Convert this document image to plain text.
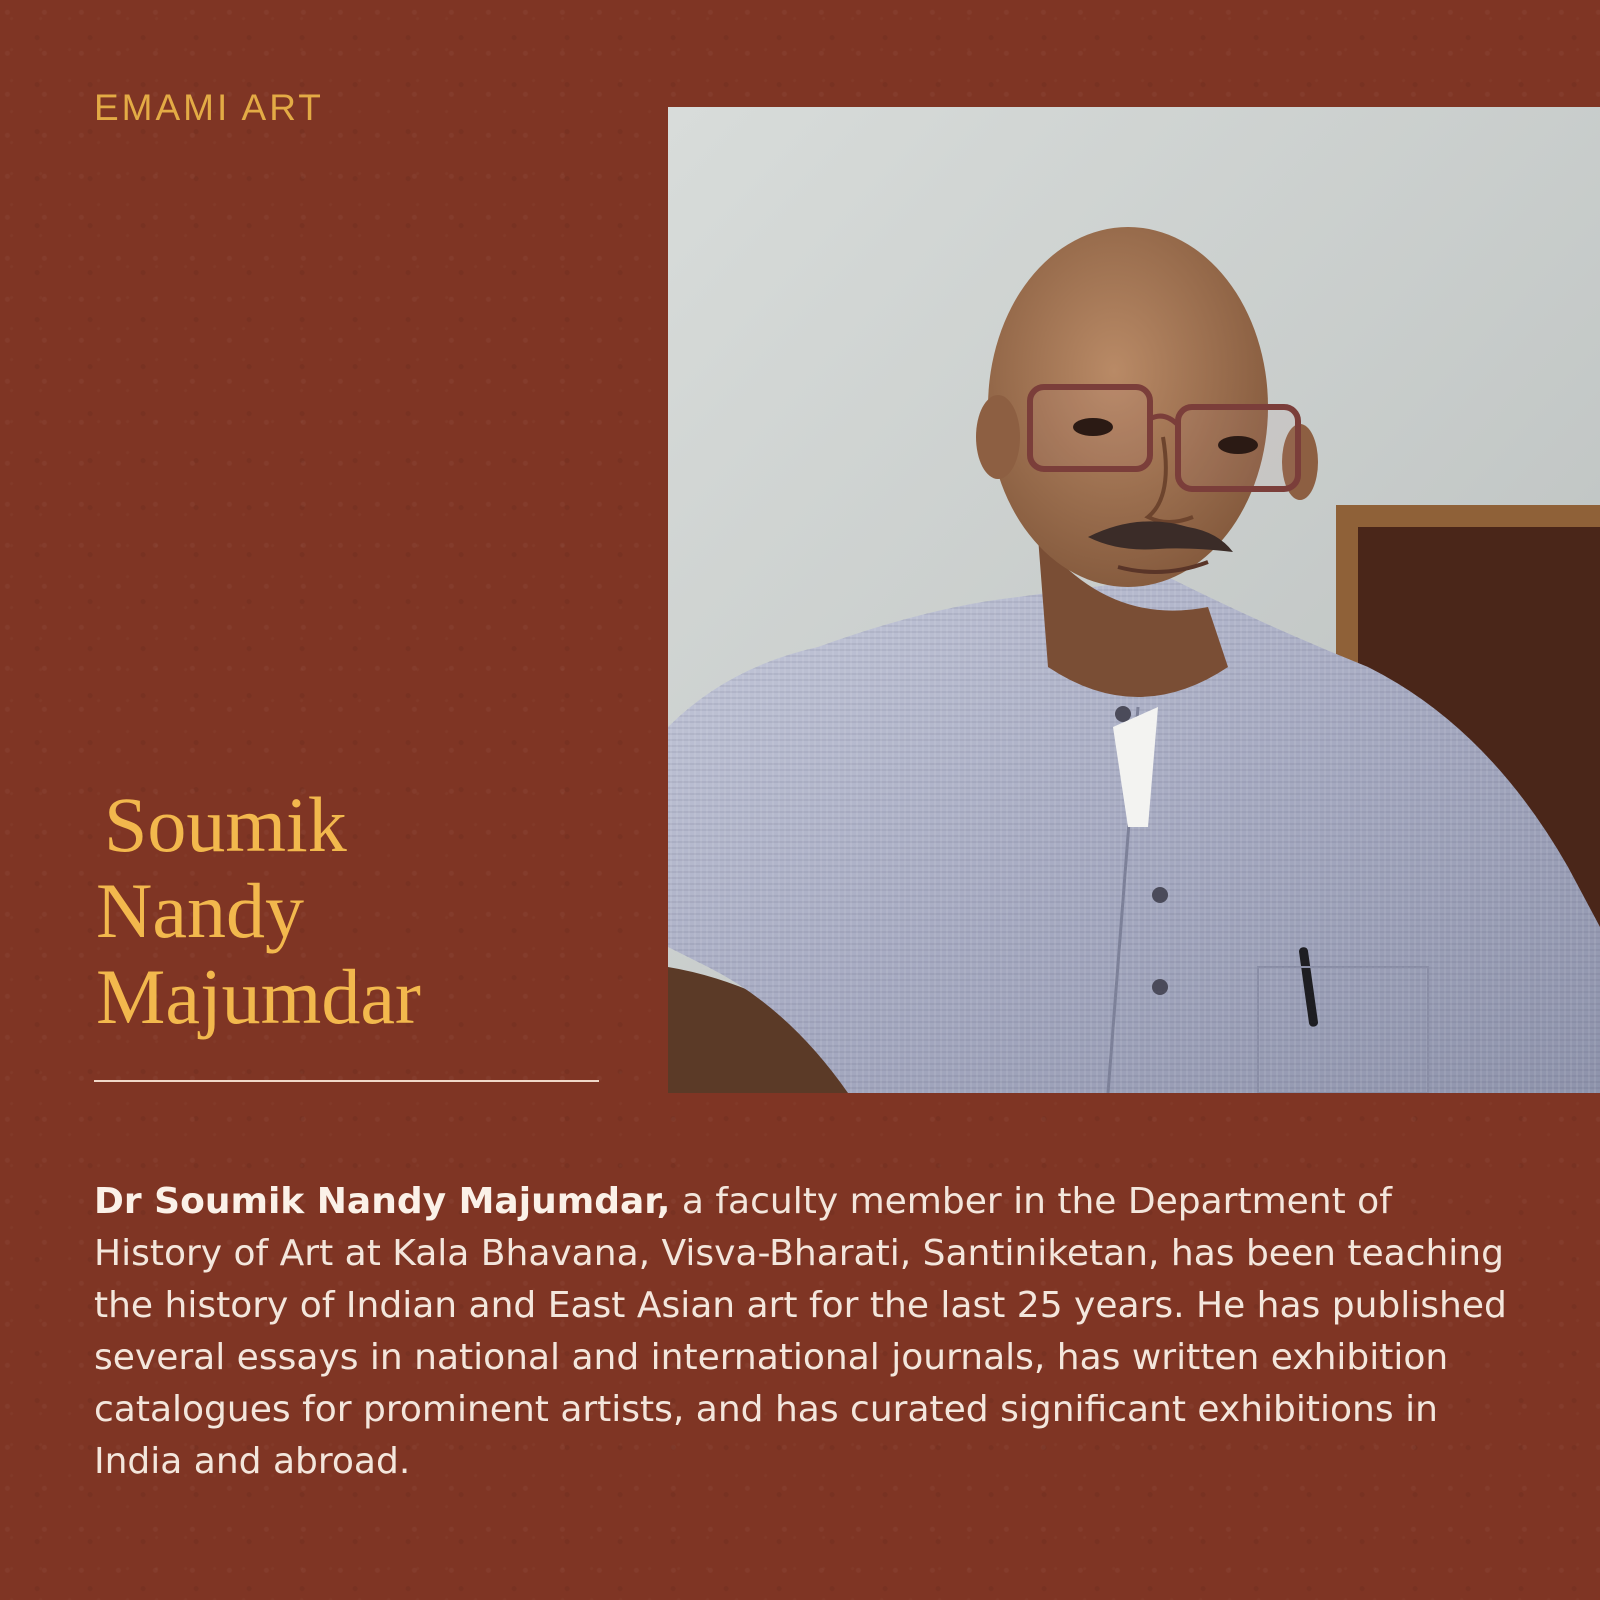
EMAMI ART
Soumik
Nandy
Majumdar
Dr Soumik Nandy Majumdar, a faculty member in the Department of History of Art at Kala Bhavana, Visva-Bharati, Santiniketan, has been teaching the history of Indian and East Asian art for the last 25 years. He has published several essays in national and international journals, has written exhibition catalogues for prominent artists, and has curated significant exhibitions in India and abroad.
